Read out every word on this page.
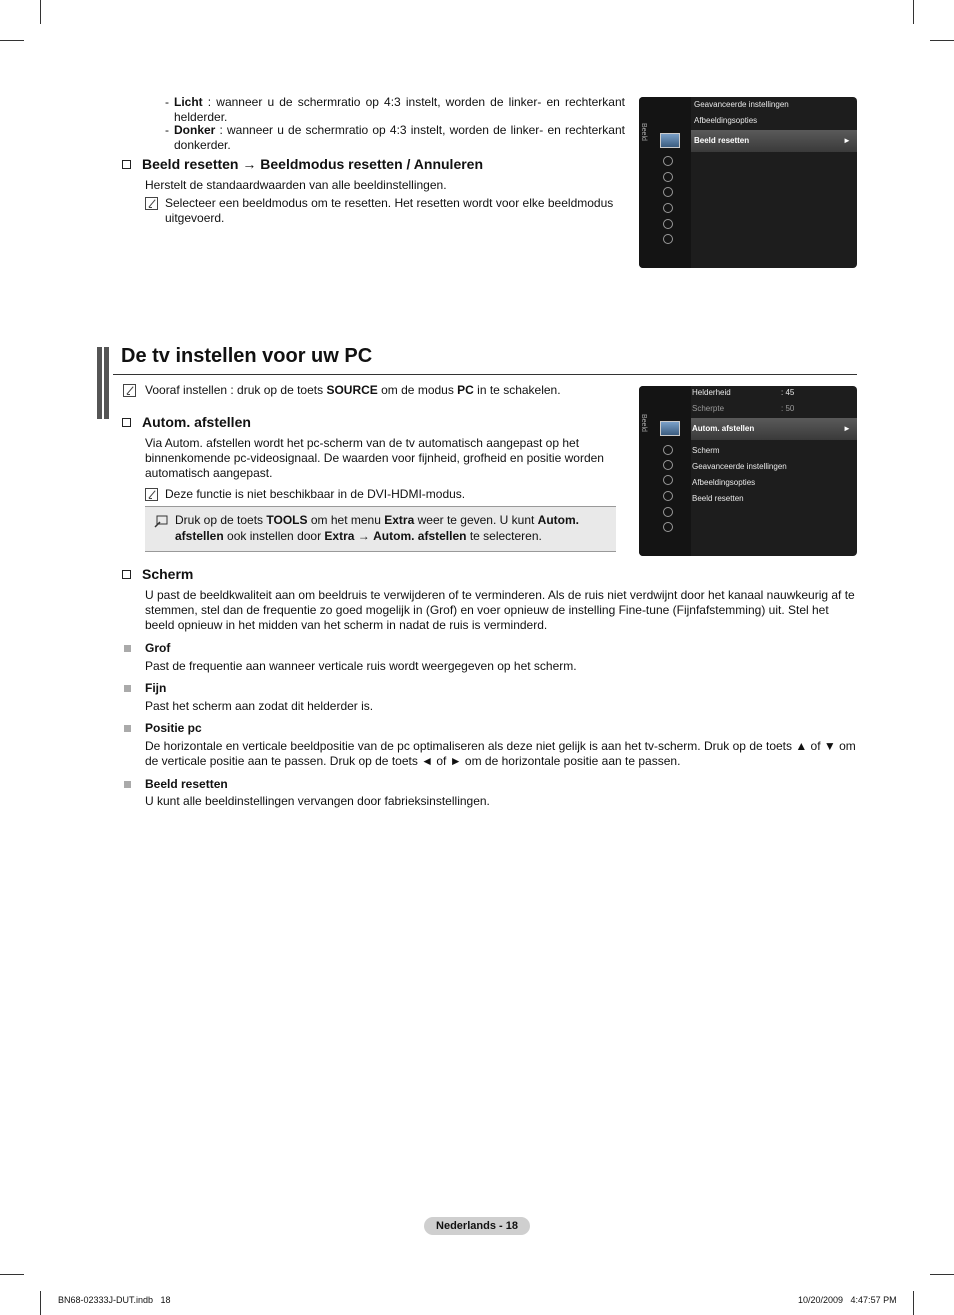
- Licht : wanneer u de schermratio op 4:3 instelt, worden de linker- en rechterkant helderder.
- Donker : wanneer u de schermratio op 4:3 instelt, worden de linker- en rechterkant donkerder.
Beeld resetten → Beeldmodus resetten / Annuleren
Herstelt de standaardwaarden van alle beeldinstellingen.
Selecteer een beeldmodus om te resetten. Het resetten wordt voor elke beeldmodus uitgevoerd.
Beeld
Geavanceerde instellingen
Afbeeldingsopties
Beeld resetten	►
De tv instellen voor uw PC
Vooraf instellen : druk op de toets SOURCE om de modus PC in te schakelen.
Autom. afstellen
Via Autom. afstellen wordt het pc-scherm van de tv automatisch aangepast op het binnenkomende pc-videosignaal. De waarden voor fijnheid, grofheid en positie worden automatisch aangepast.
Deze functie is niet beschikbaar in de DVI-HDMI-modus.
Druk op de toets TOOLS om het menu Extra weer te geven. U kunt Autom. afstellen ook instellen door Extra → Autom. afstellen te selecteren.
Beeld
Helderheid	: 45
Scherpte	: 50
Autom. afstellen	►
Scherm
Geavanceerde instellingen
Afbeeldingsopties
Beeld resetten
Scherm
U past de beeldkwaliteit aan om beeldruis te verwijderen of te verminderen. Als de ruis niet verdwijnt door het kanaal nauwkeurig af te stemmen, stel dan de frequentie zo goed mogelijk in (Grof) en voer opnieuw de instelling Fine-tune (Fijnfafstemming) uit. Stel het beeld opnieuw in het midden van het scherm in nadat de ruis is verminderd.
Grof
Past de frequentie aan wanneer verticale ruis wordt weergegeven op het scherm.
Fijn
Past het scherm aan zodat dit helderder is.
Positie pc
De horizontale en verticale beeldpositie van de pc optimaliseren als deze niet gelijk is aan het tv-scherm. Druk op de toets ▲ of ▼ om de verticale positie aan te passen. Druk op de toets ◄ of ► om de horizontale positie aan te passen.
Beeld resetten
U kunt alle beeldinstellingen vervangen door fabrieksinstellingen.
Nederlands - 18
BN68-02333J-DUT.indb   18	10/20/2009   4:47:57 PM
